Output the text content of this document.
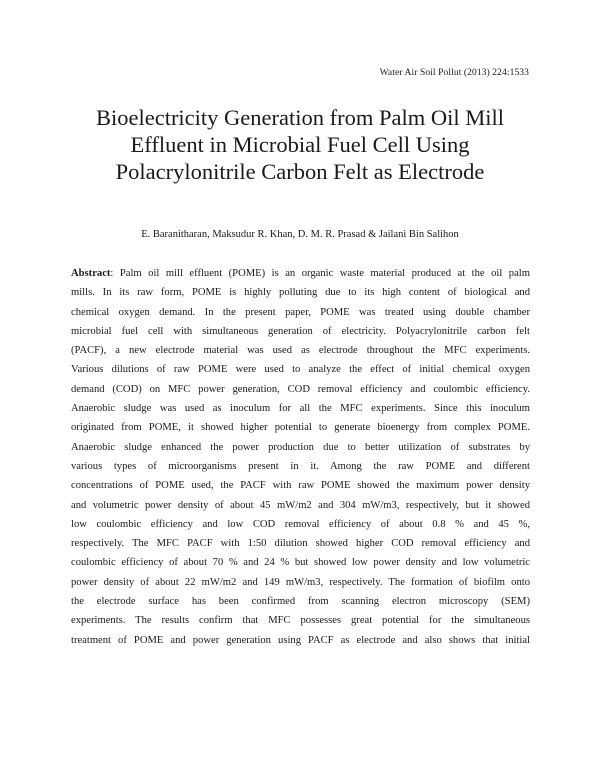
Water Air Soil Pollut (2013) 224:1533
Bioelectricity Generation from Palm Oil Mill
Effluent in Microbial Fuel Cell Using
Polacrylonitrile Carbon Felt as Electrode
E. Baranitharan, Maksudur R. Khan, D. M. R. Prasad & Jailani Bin Salihon
Abstract: Palm oil mill effluent (POME) is an organic waste material produced at the oil palm
mills. In its raw form, POME is highly polluting due to its high content of biological and
chemical oxygen demand. In the present paper, POME was treated using double chamber
microbial fuel cell with simultaneous generation of electricity. Polyacrylonitrile carbon felt
(PACF), a new electrode material was used as electrode throughout the MFC experiments.
Various dilutions of raw POME were used to analyze the effect of initial chemical oxygen
demand (COD) on MFC power generation, COD removal efficiency and coulombic efficiency.
Anaerobic sludge was used as inoculum for all the MFC experiments. Since this inoculum
originated from POME, it showed higher potential to generate bioenergy from complex POME.
Anaerobic sludge enhanced the power production due to better utilization of substrates by
various types of microorganisms present in it. Among the raw POME and different
concentrations of POME used, the PACF with raw POME showed the maximum power density
and volumetric power density of about 45 mW/m2 and 304 mW/m3, respectively, but it showed
low coulombic efficiency and low COD removal efficiency of about 0.8 % and 45 %,
respectively. The MFC PACF with 1:50 dilution showed higher COD removal efficiency and
coulombic efficiency of about 70 % and 24 % but showed low power density and low volumetric
power density of about 22 mW/m2 and 149 mW/m3, respectively. The formation of biofilm onto
the electrode surface has been confirmed from scanning electron microscopy (SEM)
experiments. The results confirm that MFC possesses great potential for the simultaneous
treatment of POME and power generation using PACF as electrode and also shows that initial
